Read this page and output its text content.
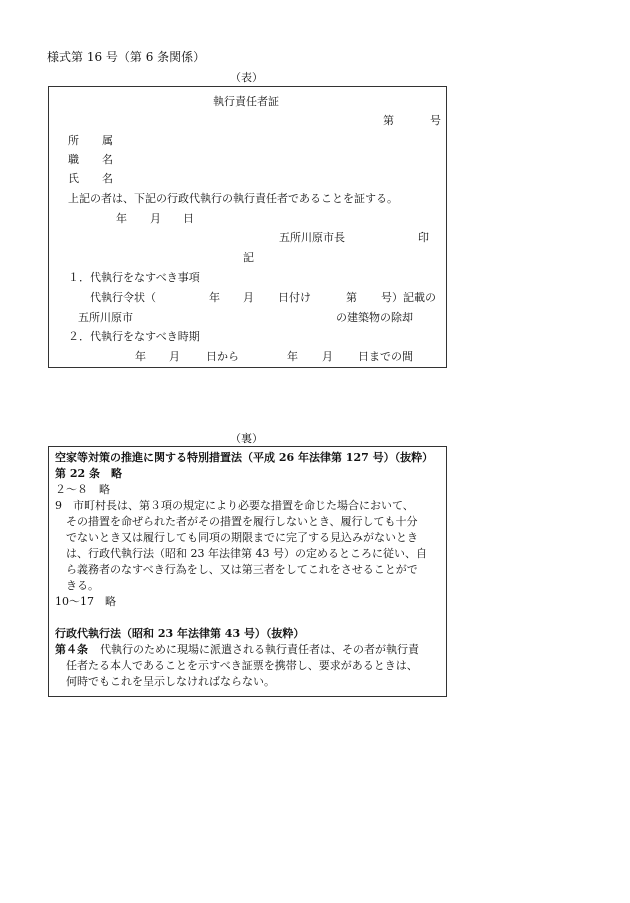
様式第 16 号（第 6 条関係）
（表）
執行責任者証
第	号
所 属
職 名
氏 名
上記の者は、下記の行政代執行の執行責任者であることを証する。
年 月 日
五所川原市長	印
記
１．代執行をなすべき事項
代執行令状（	年 月 日付け	第 号）記載の
五所川原市	の建築物の除却
２．代執行をなすべき時期
年 月 日から	年 月 日までの間
（裏）
空家等対策の推進に関する特別措置法（平成 26 年法律第 127 号）（抜粋）
第 22 条　略
２～８　略
9　市町村長は、第３項の規定により必要な措置を命じた場合において、
その措置を命ぜられた者がその措置を履行しないとき、履行しても十分
でないとき又は履行しても同項の期限までに完了する見込みがないとき
は、行政代執行法（昭和 23 年法律第 43 号）の定めるところに従い、自
ら義務者のなすべき行為をし、又は第三者をしてこれをさせることがで
きる。
10～17　略
行政代執行法（昭和 23 年法律第 43 号）（抜粋）
第４条 代執行のために現場に派遣される執行責任者は、その者が執行責
任者たる本人であることを示すべき証票を携帯し、要求があるときは、
何時でもこれを呈示しなければならない。
